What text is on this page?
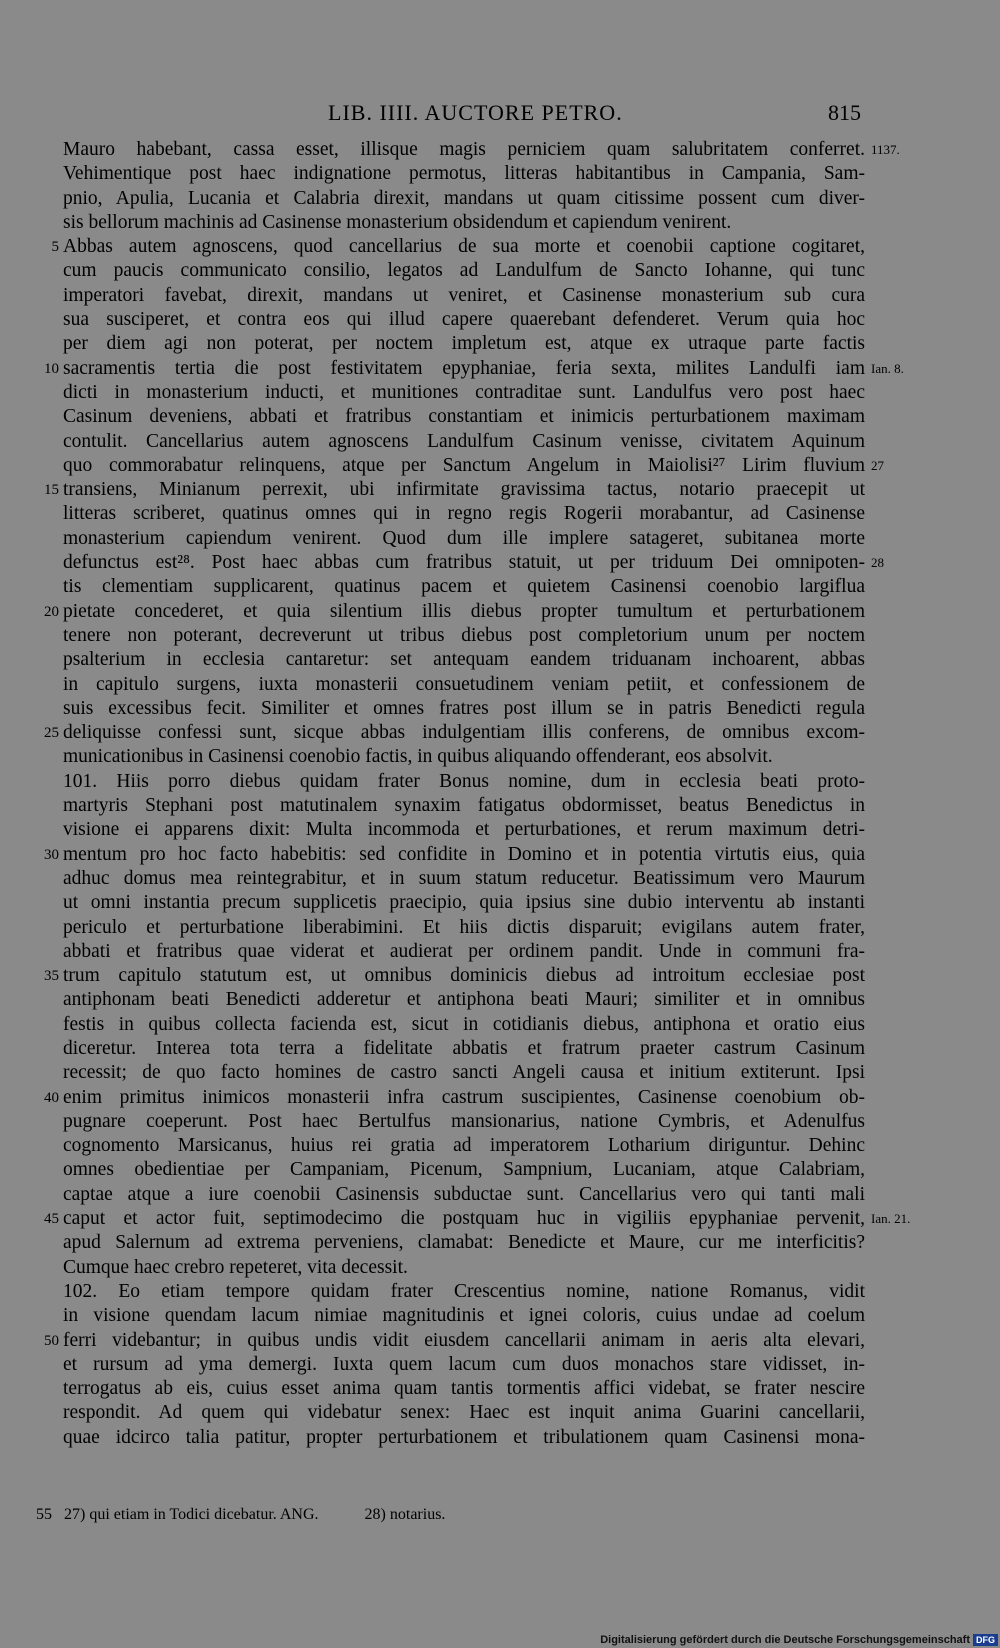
LIB. IIII. AUCTORE PETRO.	815
Mauro habebant, cassa esset, illisque magis perniciem quam salubritatem conferret. 1137.
Vehimentique post haec indignatione permotus, litteras habitantibus in Campania, Sam-
pnio, Apulia, Lucania et Calabria direxit, mandans ut quam citissime possent cum diver-
sis bellorum machinis ad Casinense monasterium obsidendum et capiendum venirent.
5 Abbas autem agnoscens, quod cancellarius de sua morte et coenobii captione cogitaret,
cum paucis communicato consilio, legatos ad Landulfum de Sancto Iohanne, qui tunc
imperatori favebat, direxit, mandans ut veniret, et Casinense monasterium sub cura
sua susciperet, et contra eos qui illud capere quaerebant defenderet. Verum quia hoc
per diem agi non poterat, per noctem impletum est, atque ex utraque parte factis
10 sacramentis tertia die post festivitatem epyphaniae, feria sexta, milites Landulfi iam Ian. 8.
dicti in monasterium inducti, et munitiones contraditae sunt. Landulfus vero post haec
Casinum deveniens, abbati et fratribus constantiam et inimicis perturbationem maximam
contulit. Cancellarius autem agnoscens Landulfum Casinum venisse, civitatem Aquinum
quo commorabatur relinquens, atque per Sanctum Angelum in Maiolisi²⁷ Lirim fluvium 27
15 transiens, Minianum perrexit, ubi infirmitate gravissima tactus, notario praecepit ut
litteras scriberet, quatinus omnes qui in regno regis Rogerii morabantur, ad Casinense
monasterium capiendum venirent. Quod dum ille implere satageret, subitanea morte
defunctus est²⁸. Post haec abbas cum fratribus statuit, ut per triduum Dei omnipoten- 28
tis clementiam supplicarent, quatinus pacem et quietem Casinensi coenobio largiflua
20 pietate concederet, et quia silentium illis diebus propter tumultum et perturbationem
tenere non poterant, decreverunt ut tribus diebus post completorium unum per noctem
psalterium in ecclesia cantaretur: set antequam eandem triduanam inchoarent, abbas
in capitulo surgens, iuxta monasterii consuetudinem veniam petiit, et confessionem de
suis excessibus fecit. Similiter et omnes fratres post illum se in patris Benedicti regula
25 deliquisse confessi sunt, sicque abbas indulgentiam illis conferens, de omnibus excom-
municationibus in Casinensi coenobio factis, in quibus aliquando offenderant, eos absolvit.
101. Hiis porro diebus quidam frater Bonus nomine, dum in ecclesia beati proto-
martyris Stephani post matutinalem synaxim fatigatus obdormisset, beatus Benedictus in
visione ei apparens dixit: Multa incommoda et perturbationes, et rerum maximum detri-
30 mentum pro hoc facto habebitis: sed confidite in Domino et in potentia virtutis eius, quia
adhuc domus mea reintegrabitur, et in suum statum reducetur. Beatissimum vero Maurum
ut omni instantia precum supplicetis praecipio, quia ipsius sine dubio interventu ab instanti
periculo et perturbatione liberabimini. Et hiis dictis disparuit; evigilans autem frater,
abbati et fratribus quae viderat et audierat per ordinem pandit. Unde in communi fra-
35 trum capitulo statutum est, ut omnibus dominicis diebus ad introitum ecclesiae post
antiphonam beati Benedicti adderetur et antiphona beati Mauri; similiter et in omnibus
festis in quibus collecta facienda est, sicut in cotidianis diebus, antiphona et oratio eius
diceretur. Interea tota terra a fidelitate abbatis et fratrum praeter castrum Casinum
recessit; de quo facto homines de castro sancti Angeli causa et initium extiterunt. Ipsi
40 enim primitus inimicos monasterii infra castrum suscipientes, Casinense coenobium ob-
pugnare coeperunt. Post haec Bertulfus mansionarius, natione Cymbris, et Adenulfus
cognomento Marsicanus, huius rei gratia ad imperatorem Lotharium diriguntur. Dehinc
omnes obedientiae per Campaniam, Picenum, Sampnium, Lucaniam, atque Calabriam,
captae atque a iure coenobii Casinensis subductae sunt. Cancellarius vero qui tanti mali
45 caput et actor fuit, septimodecimo die postquam huc in vigiliis epyphaniae pervenit, Ian. 21.
apud Salernum ad extrema perveniens, clamabat: Benedicte et Maure, cur me interficitis?
Cumque haec crebro repeteret, vita decessit.
102. Eo etiam tempore quidam frater Crescentius nomine, natione Romanus, vidit
in visione quendam lacum nimiae magnitudinis et ignei coloris, cuius undae ad coelum
50 ferri videbantur; in quibus undis vidit eiusdem cancellarii animam in aeris alta elevari,
et rursum ad yma demergi. Iuxta quem lacum cum duos monachos stare vidisset, in-
terrogatus ab eis, cuius esset anima quam tantis tormentis affici videbat, se frater nescire
respondit. Ad quem qui videbatur senex: Haec est inquit anima Guarini cancellarii,
quae idcirco talia patitur, propter perturbationem et tribulationem quam Casinensi mona-
55 27) qui etiam in Todici dicebatur. ANG.	28) notarius.
Digitalisierung gefördert durch die Deutsche Forschungsgemeinschaft DFG
